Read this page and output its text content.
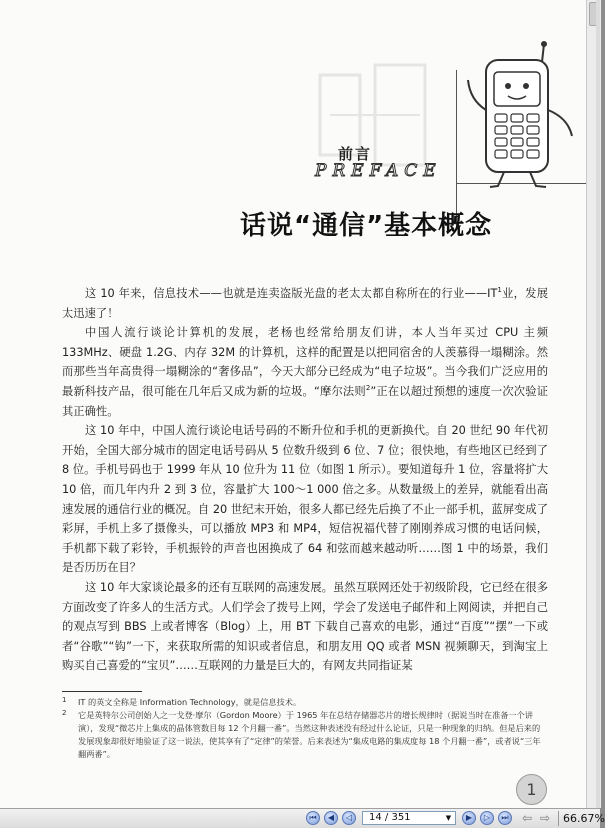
前言
PREFACE
话说“通信”基本概念

这 10 年来，信息技术——也就是连卖盗版光盘的老太太都自称所在的行业$——IT^1$业，发展太迅速了！

中国人流行谈论计算机的发展，老杨也经常给朋友们讲，本人当年买过 CPU 主频 133MHz、硬盘 1.2G、内存 32M 的计算机，这样的配置是以把同宿舍的人羡慕得一塌糊涂。然而那些当年高贵得一塌糊涂的“奢侈品”，今天大部分已经成为“电子垃圾”。当今我们广泛应用的最新科技产品，很可能在几年后又成为新的垃圾。“摩尔法则$^2$”正在以超过预想的速度一次次验证其正确性。

这 10 年中，中国人流行谈论电话号码的不断升位和手机的更新换代。自 20 世纪 90 年代初开始，全国大部分城市的固定电话号码从 5 位数升级到 6 位、7 位；很快地，有些地区已经到了 8 位。手机号码也于 1999 年从 10 位升为 11 位（如图 1 所示）。要知道每升 1 位，容量将扩大 10 倍，而几年内升 2 到 3 位，容量扩大 100～1 000 倍之多。从数量级上的差异，就能看出高速发展的通信行业的概况。自 20 世纪末开始，很多人都已经先后换了不止一部手机，蓝屏变成了彩屏，手机上多了摄像头，可以播放 MP3 和 MP4，短信祝福代替了刚刚养成习惯的电话问候，手机都下载了彩铃，手机振铃的声音也困换成了 64 和弦而越来越动听……图 1 中的场景，我们是否历历在目？

这 10 年大家谈论最多的还有互联网的高速发展。虽然互联网还处于初级阶段，它已经在很多方面改变了许多人的生活方式。人们学会了拨号上网，学会了发送电子邮件和上网阅读，并把自己的观点写到 BBS 上或者博客（Blog）上，用 BT 下载自己喜欢的电影，通过“百度”“摆”一下或者“谷歌”“钩”一下，来获取所需的知识或者信息，和朋友用 QQ 或者 MSN 视频聊天，到淘宝上购买自己喜爱的“宝贝”……互联网的力量是巨大的，有网友共同指证某

1 IT 的英文全称是 Information Technology，就是信息技术。
2 它是英特尔公司创始人之一戈登·摩尔（Gordon Moore）于 1965 年在总结存储器芯片的增长规律时（据说当时在准备一个讲演），发现“微芯片上集成的晶体管数目每 12 个月翻一番”。当然这种表述没有经过什么论证，只是一种现象的归纳。但是后来的发展现象却很好地验证了这一说法，使其享有了“定律”的荣誉。后来表述为“集成电路的集成度每 18 个月翻一番”，或者说“三年翻两番”。
1
⏮	◀	◁	14 / 351	▼	▶	▷	⏭ ⇦ ⇨ 66.67%
